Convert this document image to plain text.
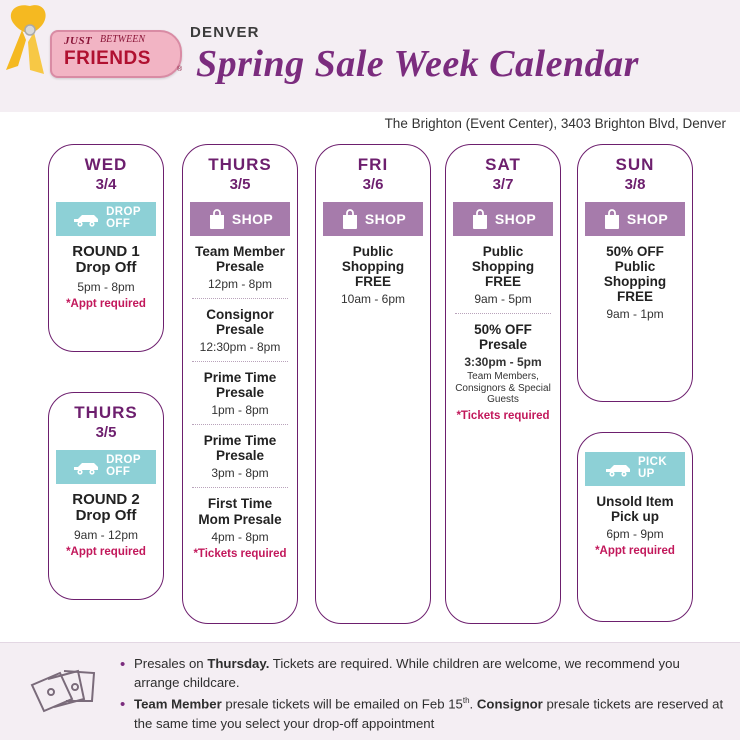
JUST BETWEEN
FRIENDS
®
DENVER
Spring Sale Week Calendar
The Brighton (Event Center), 3403 Brighton Blvd, Denver
WED
3/4
DROP
OFF
ROUND 1
Drop Off
5pm - 8pm
*Appt required
THURS
3/5
DROP
OFF
ROUND 2
Drop Off
9am - 12pm
*Appt required
THURS
3/5
SHOP
Team Member
Presale
12pm - 8pm
Consignor
Presale
12:30pm - 8pm
Prime Time
Presale
1pm - 8pm
Prime Time
Presale
3pm - 8pm
First Time
Mom Presale
4pm - 8pm
*Tickets required
FRI
3/6
SHOP
Public Shopping
FREE
10am - 6pm
SAT
3/7
SHOP
Public Shopping
FREE
9am - 5pm
50% OFF
Presale
3:30pm - 5pm
Team Members, Consignors & Special Guests
*Tickets required
SUN
3/8
SHOP
50% OFF
Public Shopping
FREE
9am - 1pm
PICK
UP
Unsold Item
Pick up
6pm - 9pm
*Appt required
• Presales on Thursday. Tickets are required. While children are welcome, we recommend you arrange childcare.
• Team Member presale tickets will be emailed on Feb 15th. Consignor presale tickets are reserved at the same time you select your drop-off appointment
